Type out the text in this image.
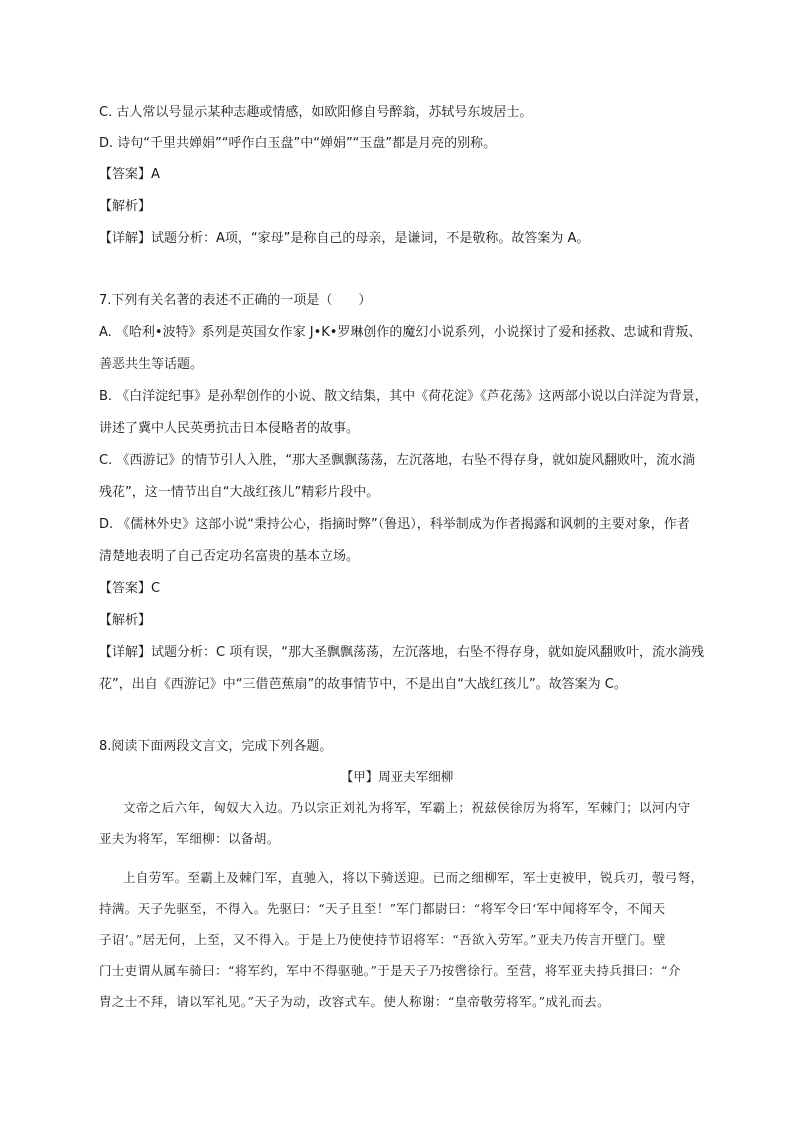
C. 古人常以号显示某种志趣或情感，如欧阳修自号醉翁，苏轼号东坡居士。
D. 诗句“千里共婵娟”“呼作白玉盘”中“婵娟”“玉盘”都是月亮的别称。
【答案】A
【解析】
【详解】试题分析：A项，“家母”是称自己的母亲，是谦词，不是敬称。故答案为 A。
7.下列有关名著的表述不正确的一项是（　　）
A. 《哈利•波特》系列是英国女作家 J•K•罗琳创作的魔幻小说系列，小说探讨了爱和拯救、忠诚和背叛、
善恶共生等话题。
B. 《白洋淀纪事》是孙犁创作的小说、散文结集，其中《荷花淀》《芦花荡》这两部小说以白洋淀为背景，
讲述了冀中人民英勇抗击日本侵略者的故事。
C. 《西游记》的情节引人入胜，“那大圣飘飘荡荡，左沉落地，右坠不得存身，就如旋风翻败叶，流水淌
残花”，这一情节出自“大战红孩儿”精彩片段中。
D. 《儒林外史》这部小说“秉持公心，指摘时弊”（鲁迅），科举制成为作者揭露和讽刺的主要对象，作者
清楚地表明了自己否定功名富贵的基本立场。
【答案】C
【解析】
【详解】试题分析：C 项有误，“那大圣飘飘荡荡，左沉落地，右坠不得存身，就如旋风翻败叶，流水淌残
花”，出自《西游记》中“三借芭蕉扇”的故事情节中，不是出自“大战红孩儿”。故答案为 C。
8.阅读下面两段文言文，完成下列各题。
【甲】周亚夫军细柳
文帝之后六年，匈奴大入边。乃以宗正刘礼为将军，军霸上；祝兹侯徐厉为将军，军棘门；以河内守
亚夫为将军，军细柳：以备胡。
上自劳军。至霸上及棘门军，直驰入，将以下骑送迎。已而之细柳军，军士吏被甲，锐兵刃，彀弓弩，
持满。天子先驱至，不得入。先驱曰：“天子且至！”军门都尉曰：“将军令曰‘军中闻将军令，不闻天
子诏’。”居无何，上至，又不得入。于是上乃使使持节诏将军：“吾欲入劳军。”亚夫乃传言开壁门。壁
门士吏谓从属车骑曰：“将军约，军中不得驱驰。”于是天子乃按辔徐行。至营，将军亚夫持兵揖曰：“介
胄之士不拜，请以军礼见。”天子为动，改容式车。使人称谢：“皇帝敬劳将军。”成礼而去。
